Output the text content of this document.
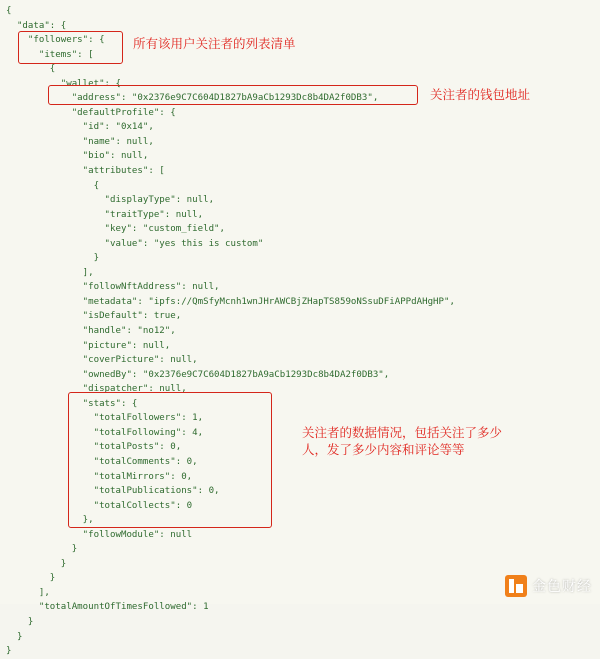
{
"data": {
"followers": {
"items": [
{
"wallet": {
"address": "0x2376e9C7C604D1827bA9aCb1293Dc8b4DA2f0DB3",
"defaultProfile": {
"id": "0x14",
"name": null,
"bio": null,
"attributes": [
{
"displayType": null,
"traitType": null,
"key": "custom_field",
"value": "yes this is custom"
}
],
"followNftAddress": null,
"metadata": "ipfs://QmSfyMcnh1wnJHrAWCBjZHapTS859oNSsuDFiAPPdAHgHP",
"isDefault": true,
"handle": "no12",
"picture": null,
"coverPicture": null,
"ownedBy": "0x2376e9C7C604D1827bA9aCb1293Dc8b4DA2f0DB3",
"dispatcher": null,
"stats": {
"totalFollowers": 1,
"totalFollowing": 4,
"totalPosts": 0,
"totalComments": 0,
"totalMirrors": 0,
"totalPublications": 0,
"totalCollects": 0
},
"followModule": null
}
}
}
],
"totalAmountOfTimesFollowed": 1
}
}
}
所有该用户关注者的列表清单
关注者的钱包地址
关注者的数据情况，包括关注了多少人，发了多少内容和评论等等
金色财经
